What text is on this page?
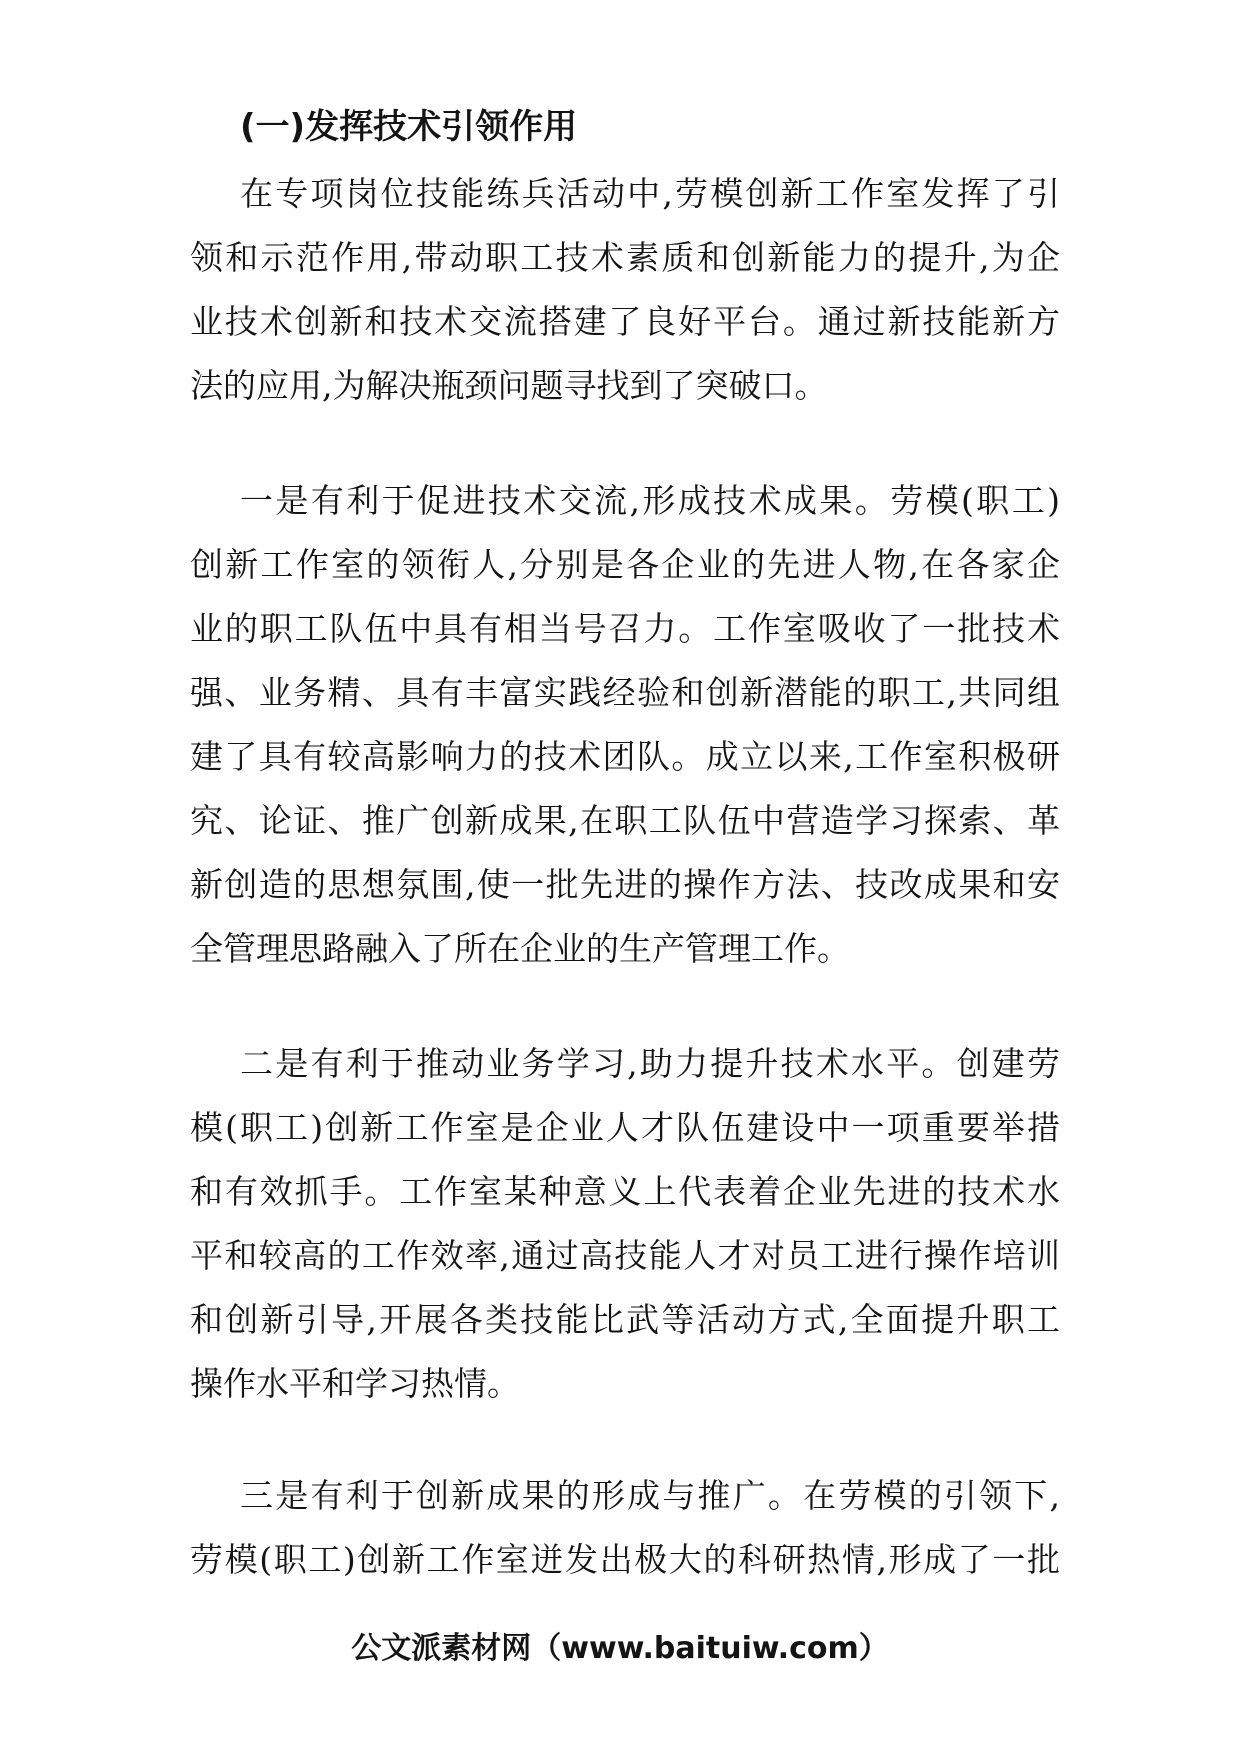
(一)发挥技术引领作用
在专项岗位技能练兵活动中,劳模创新工作室发挥了引
领和示范作用,带动职工技术素质和创新能力的提升,为企
业技术创新和技术交流搭建了良好平台。通过新技能新方
法的应用,为解决瓶颈问题寻找到了突破口。
一是有利于促进技术交流,形成技术成果。劳模(职工)
创新工作室的领衔人,分别是各企业的先进人物,在各家企
业的职工队伍中具有相当号召力。工作室吸收了一批技术
强、业务精、具有丰富实践经验和创新潜能的职工,共同组
建了具有较高影响力的技术团队。成立以来,工作室积极研
究、论证、推广创新成果,在职工队伍中营造学习探索、革
新创造的思想氛围,使一批先进的操作方法、技改成果和安
全管理思路融入了所在企业的生产管理工作。
二是有利于推动业务学习,助力提升技术水平。创建劳
模(职工)创新工作室是企业人才队伍建设中一项重要举措
和有效抓手。工作室某种意义上代表着企业先进的技术水
平和较高的工作效率,通过高技能人才对员工进行操作培训
和创新引导,开展各类技能比武等活动方式,全面提升职工
操作水平和学习热情。
三是有利于创新成果的形成与推广。在劳模的引领下,
劳模(职工)创新工作室迸发出极大的科研热情,形成了一批
公文派素材网（www.baituiw.com）
